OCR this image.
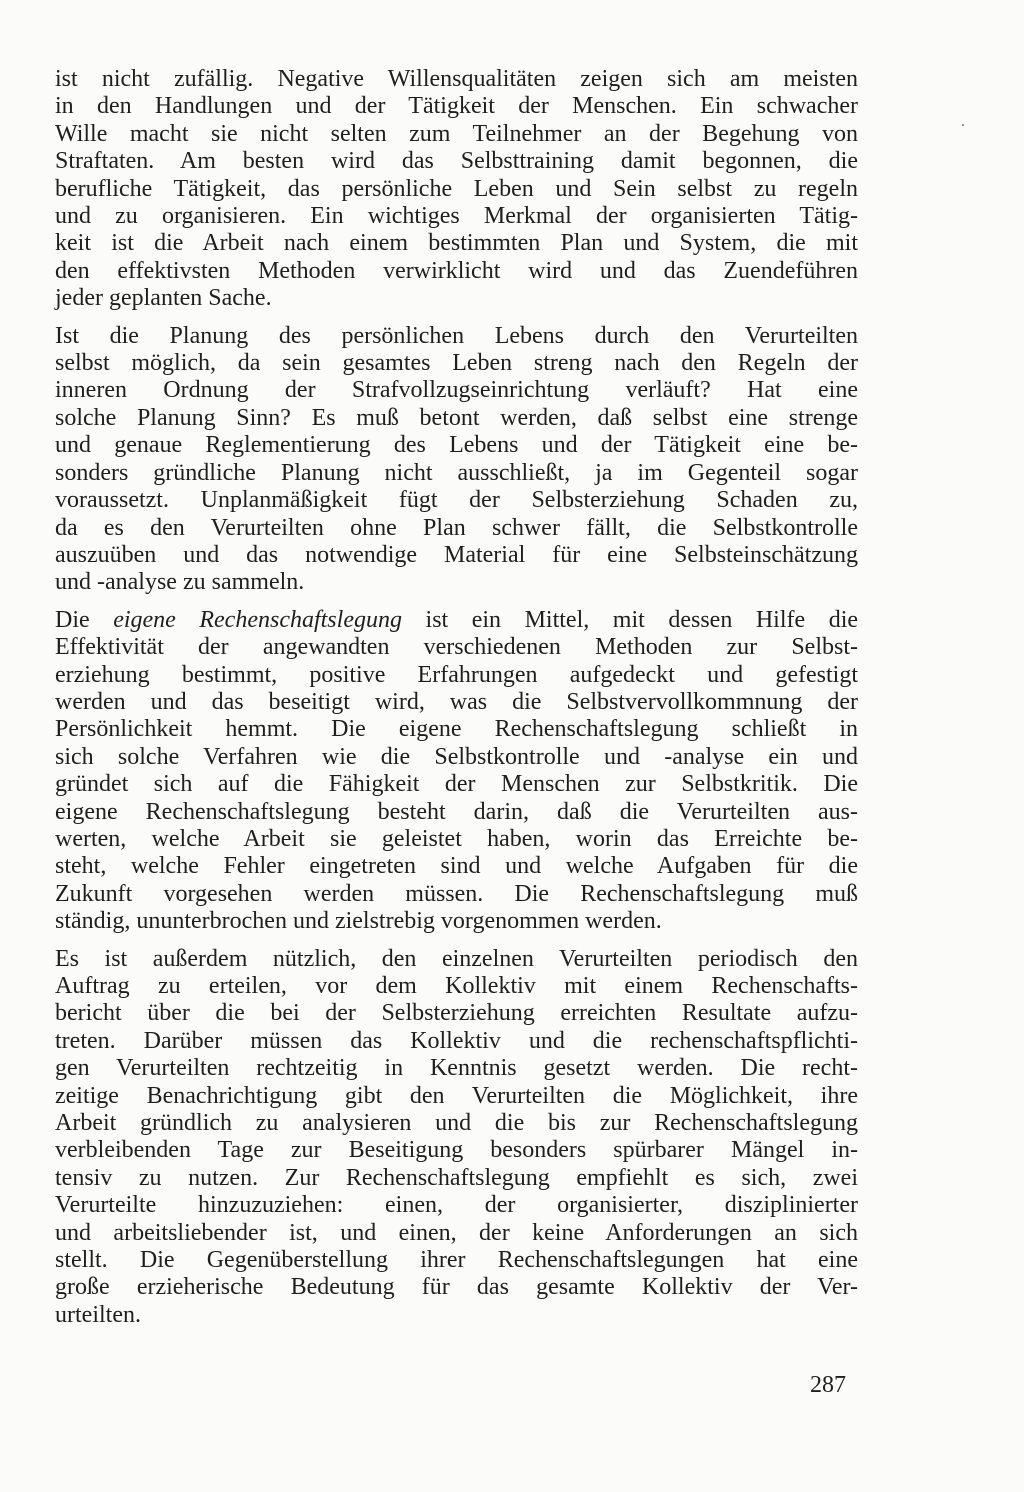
ist nicht zufällig. Negative Willensqualitäten zeigen sich am meisten
in den Handlungen und der Tätigkeit der Menschen. Ein schwacher
Wille macht sie nicht selten zum Teilnehmer an der Begehung von
Straftaten. Am besten wird das Selbsttraining damit begonnen, die
berufliche Tätigkeit, das persönliche Leben und Sein selbst zu regeln
und zu organisieren. Ein wichtiges Merkmal der organisierten Tätig-
keit ist die Arbeit nach einem bestimmten Plan und System, die mit
den effektivsten Methoden verwirklicht wird und das Zuendeführen
jeder geplanten Sache.

Ist die Planung des persönlichen Lebens durch den Verurteilten
selbst möglich, da sein gesamtes Leben streng nach den Regeln der
inneren Ordnung der Strafvollzugseinrichtung verläuft? Hat eine
solche Planung Sinn? Es muß betont werden, daß selbst eine strenge
und genaue Reglementierung des Lebens und der Tätigkeit eine be-
sonders gründliche Planung nicht ausschließt, ja im Gegenteil sogar
voraussetzt. Unplanmäßigkeit fügt der Selbsterziehung Schaden zu,
da es den Verurteilten ohne Plan schwer fällt, die Selbstkontrolle
auszuüben und das notwendige Material für eine Selbsteinschätzung
und -analyse zu sammeln.

Die eigene Rechenschaftslegung ist ein Mittel, mit dessen Hilfe die
Effektivität der angewandten verschiedenen Methoden zur Selbst-
erziehung bestimmt, positive Erfahrungen aufgedeckt und gefestigt
werden und das beseitigt wird, was die Selbstvervollkommnung der
Persönlichkeit hemmt. Die eigene Rechenschaftslegung schließt in
sich solche Verfahren wie die Selbstkontrolle und -analyse ein und
gründet sich auf die Fähigkeit der Menschen zur Selbstkritik. Die
eigene Rechenschaftslegung besteht darin, daß die Verurteilten aus-
werten, welche Arbeit sie geleistet haben, worin das Erreichte be-
steht, welche Fehler eingetreten sind und welche Aufgaben für die
Zukunft vorgesehen werden müssen. Die Rechenschaftslegung muß
ständig, ununterbrochen und zielstrebig vorgenommen werden.

Es ist außerdem nützlich, den einzelnen Verurteilten periodisch den
Auftrag zu erteilen, vor dem Kollektiv mit einem Rechenschafts-
bericht über die bei der Selbsterziehung erreichten Resultate aufzu-
treten. Darüber müssen das Kollektiv und die rechenschaftspflichti-
gen Verurteilten rechtzeitig in Kenntnis gesetzt werden. Die recht-
zeitige Benachrichtigung gibt den Verurteilten die Möglichkeit, ihre
Arbeit gründlich zu analysieren und die bis zur Rechenschaftslegung
verbleibenden Tage zur Beseitigung besonders spürbarer Mängel in-
tensiv zu nutzen. Zur Rechenschaftslegung empfiehlt es sich, zwei
Verurteilte hinzuzuziehen: einen, der organisierter, disziplinierter
und arbeitsliebender ist, und einen, der keine Anforderungen an sich
stellt. Die Gegenüberstellung ihrer Rechenschaftslegungen hat eine
große erzieherische Bedeutung für das gesamte Kollektiv der Ver-
urteilten.

287
